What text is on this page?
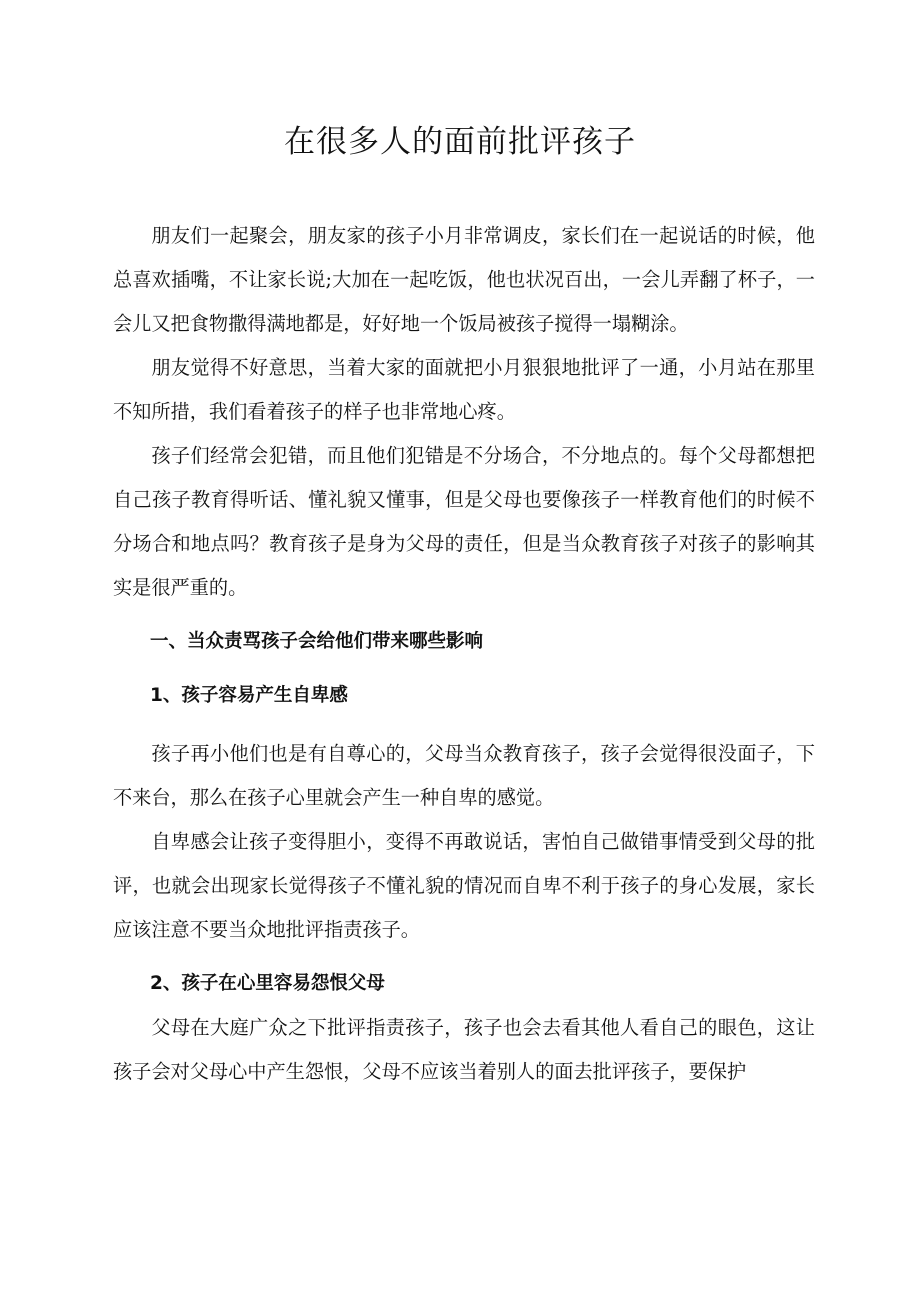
在很多人的面前批评孩子

朋友们一起聚会，朋友家的孩子小月非常调皮，家长们在一起说话的时候，他总喜欢插嘴，不让家长说;大加在一起吃饭，他也状况百出，一会儿弄翻了杯子，一会儿又把食物撒得满地都是，好好地一个饭局被孩子搅得一塌糊涂。

朋友觉得不好意思，当着大家的面就把小月狠狠地批评了一通，小月站在那里不知所措，我们看着孩子的样子也非常地心疼。

孩子们经常会犯错，而且他们犯错是不分场合，不分地点的。每个父母都想把自己孩子教育得听话、懂礼貌又懂事，但是父母也要像孩子一样教育他们的时候不分场合和地点吗？教育孩子是身为父母的责任，但是当众教育孩子对孩子的影响其实是很严重的。

一、当众责骂孩子会给他们带来哪些影响

1、孩子容易产生自卑感

孩子再小他们也是有自尊心的，父母当众教育孩子，孩子会觉得很没面子，下不来台，那么在孩子心里就会产生一种自卑的感觉。

自卑感会让孩子变得胆小，变得不再敢说话，害怕自己做错事情受到父母的批评，也就会出现家长觉得孩子不懂礼貌的情况而自卑不利于孩子的身心发展，家长应该注意不要当众地批评指责孩子。

2、孩子在心里容易怨恨父母

父母在大庭广众之下批评指责孩子，孩子也会去看其他人看自己的眼色，这让孩子会对父母心中产生怨恨，父母不应该当着别人的面去批评孩子，要保护
